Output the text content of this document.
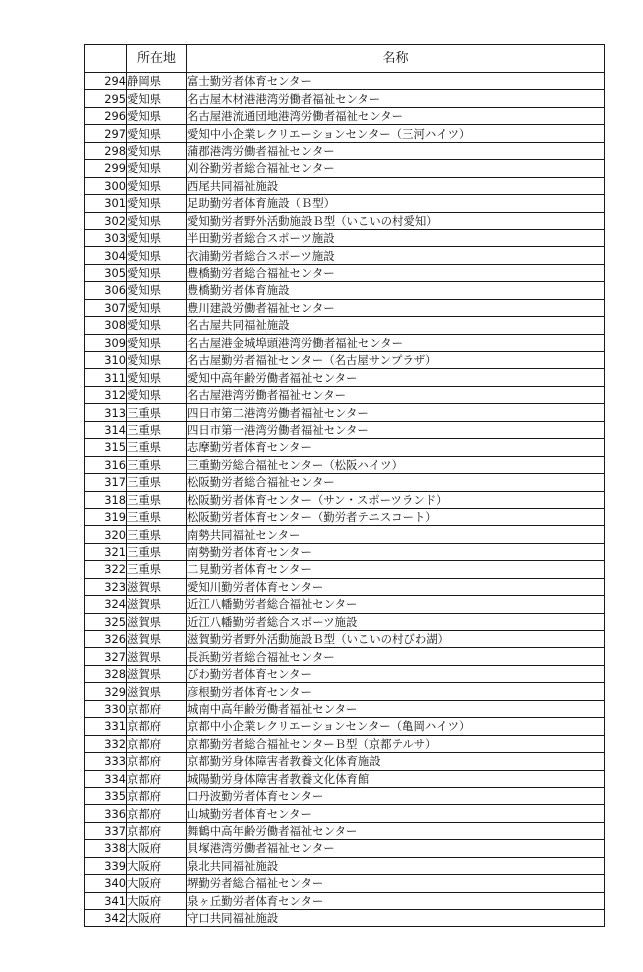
	所在地	名称
294	静岡県	富士勤労者体育センター
295	愛知県	名古屋木材港港湾労働者福祉センター
296	愛知県	名古屋港流通団地港湾労働者福祉センター
297	愛知県	愛知中小企業レクリエーションセンター（三河ハイツ）
298	愛知県	蒲郡港湾労働者福祉センター
299	愛知県	刈谷勤労者総合福祉センター
300	愛知県	西尾共同福祉施設
301	愛知県	足助勤労者体育施設（Ｂ型）
302	愛知県	愛知勤労者野外活動施設Ｂ型（いこいの村愛知）
303	愛知県	半田勤労者総合スポーツ施設
304	愛知県	衣浦勤労者総合スポーツ施設
305	愛知県	豊橋勤労者総合福祉センター
306	愛知県	豊橋勤労者体育施設
307	愛知県	豊川建設労働者福祉センター
308	愛知県	名古屋共同福祉施設
309	愛知県	名古屋港金城埠頭港湾労働者福祉センター
310	愛知県	名古屋勤労者福祉センター（名古屋サンプラザ）
311	愛知県	愛知中高年齢労働者福祉センター
312	愛知県	名古屋港湾労働者福祉センター
313	三重県	四日市第二港湾労働者福祉センター
314	三重県	四日市第一港湾労働者福祉センター
315	三重県	志摩勤労者体育センター
316	三重県	三重勤労総合福祉センター（松阪ハイツ）
317	三重県	松阪勤労者総合福祉センター
318	三重県	松阪勤労者体育センター（サン・スポーツランド）
319	三重県	松阪勤労者体育センター（勤労者テニスコート）
320	三重県	南勢共同福祉センター
321	三重県	南勢勤労者体育センター
322	三重県	二見勤労者体育センター
323	滋賀県	愛知川勤労者体育センター
324	滋賀県	近江八幡勤労者総合福祉センター
325	滋賀県	近江八幡勤労者総合スポーツ施設
326	滋賀県	滋賀勤労者野外活動施設Ｂ型（いこいの村びわ湖）
327	滋賀県	長浜勤労者総合福祉センター
328	滋賀県	びわ勤労者体育センター
329	滋賀県	彦根勤労者体育センター
330	京都府	城南中高年齢労働者福祉センター
331	京都府	京都中小企業レクリエーションセンター（亀岡ハイツ）
332	京都府	京都勤労者総合福祉センターＢ型（京都テルサ）
333	京都府	京都勤労身体障害者教養文化体育施設
334	京都府	城陽勤労身体障害者教養文化体育館
335	京都府	口丹波勤労者体育センター
336	京都府	山城勤労者体育センター
337	京都府	舞鶴中高年齢労働者福祉センター
338	大阪府	貝塚港湾労働者福祉センター
339	大阪府	泉北共同福祉施設
340	大阪府	堺勤労者総合福祉センター
341	大阪府	泉ヶ丘勤労者体育センター
342	大阪府	守口共同福祉施設
